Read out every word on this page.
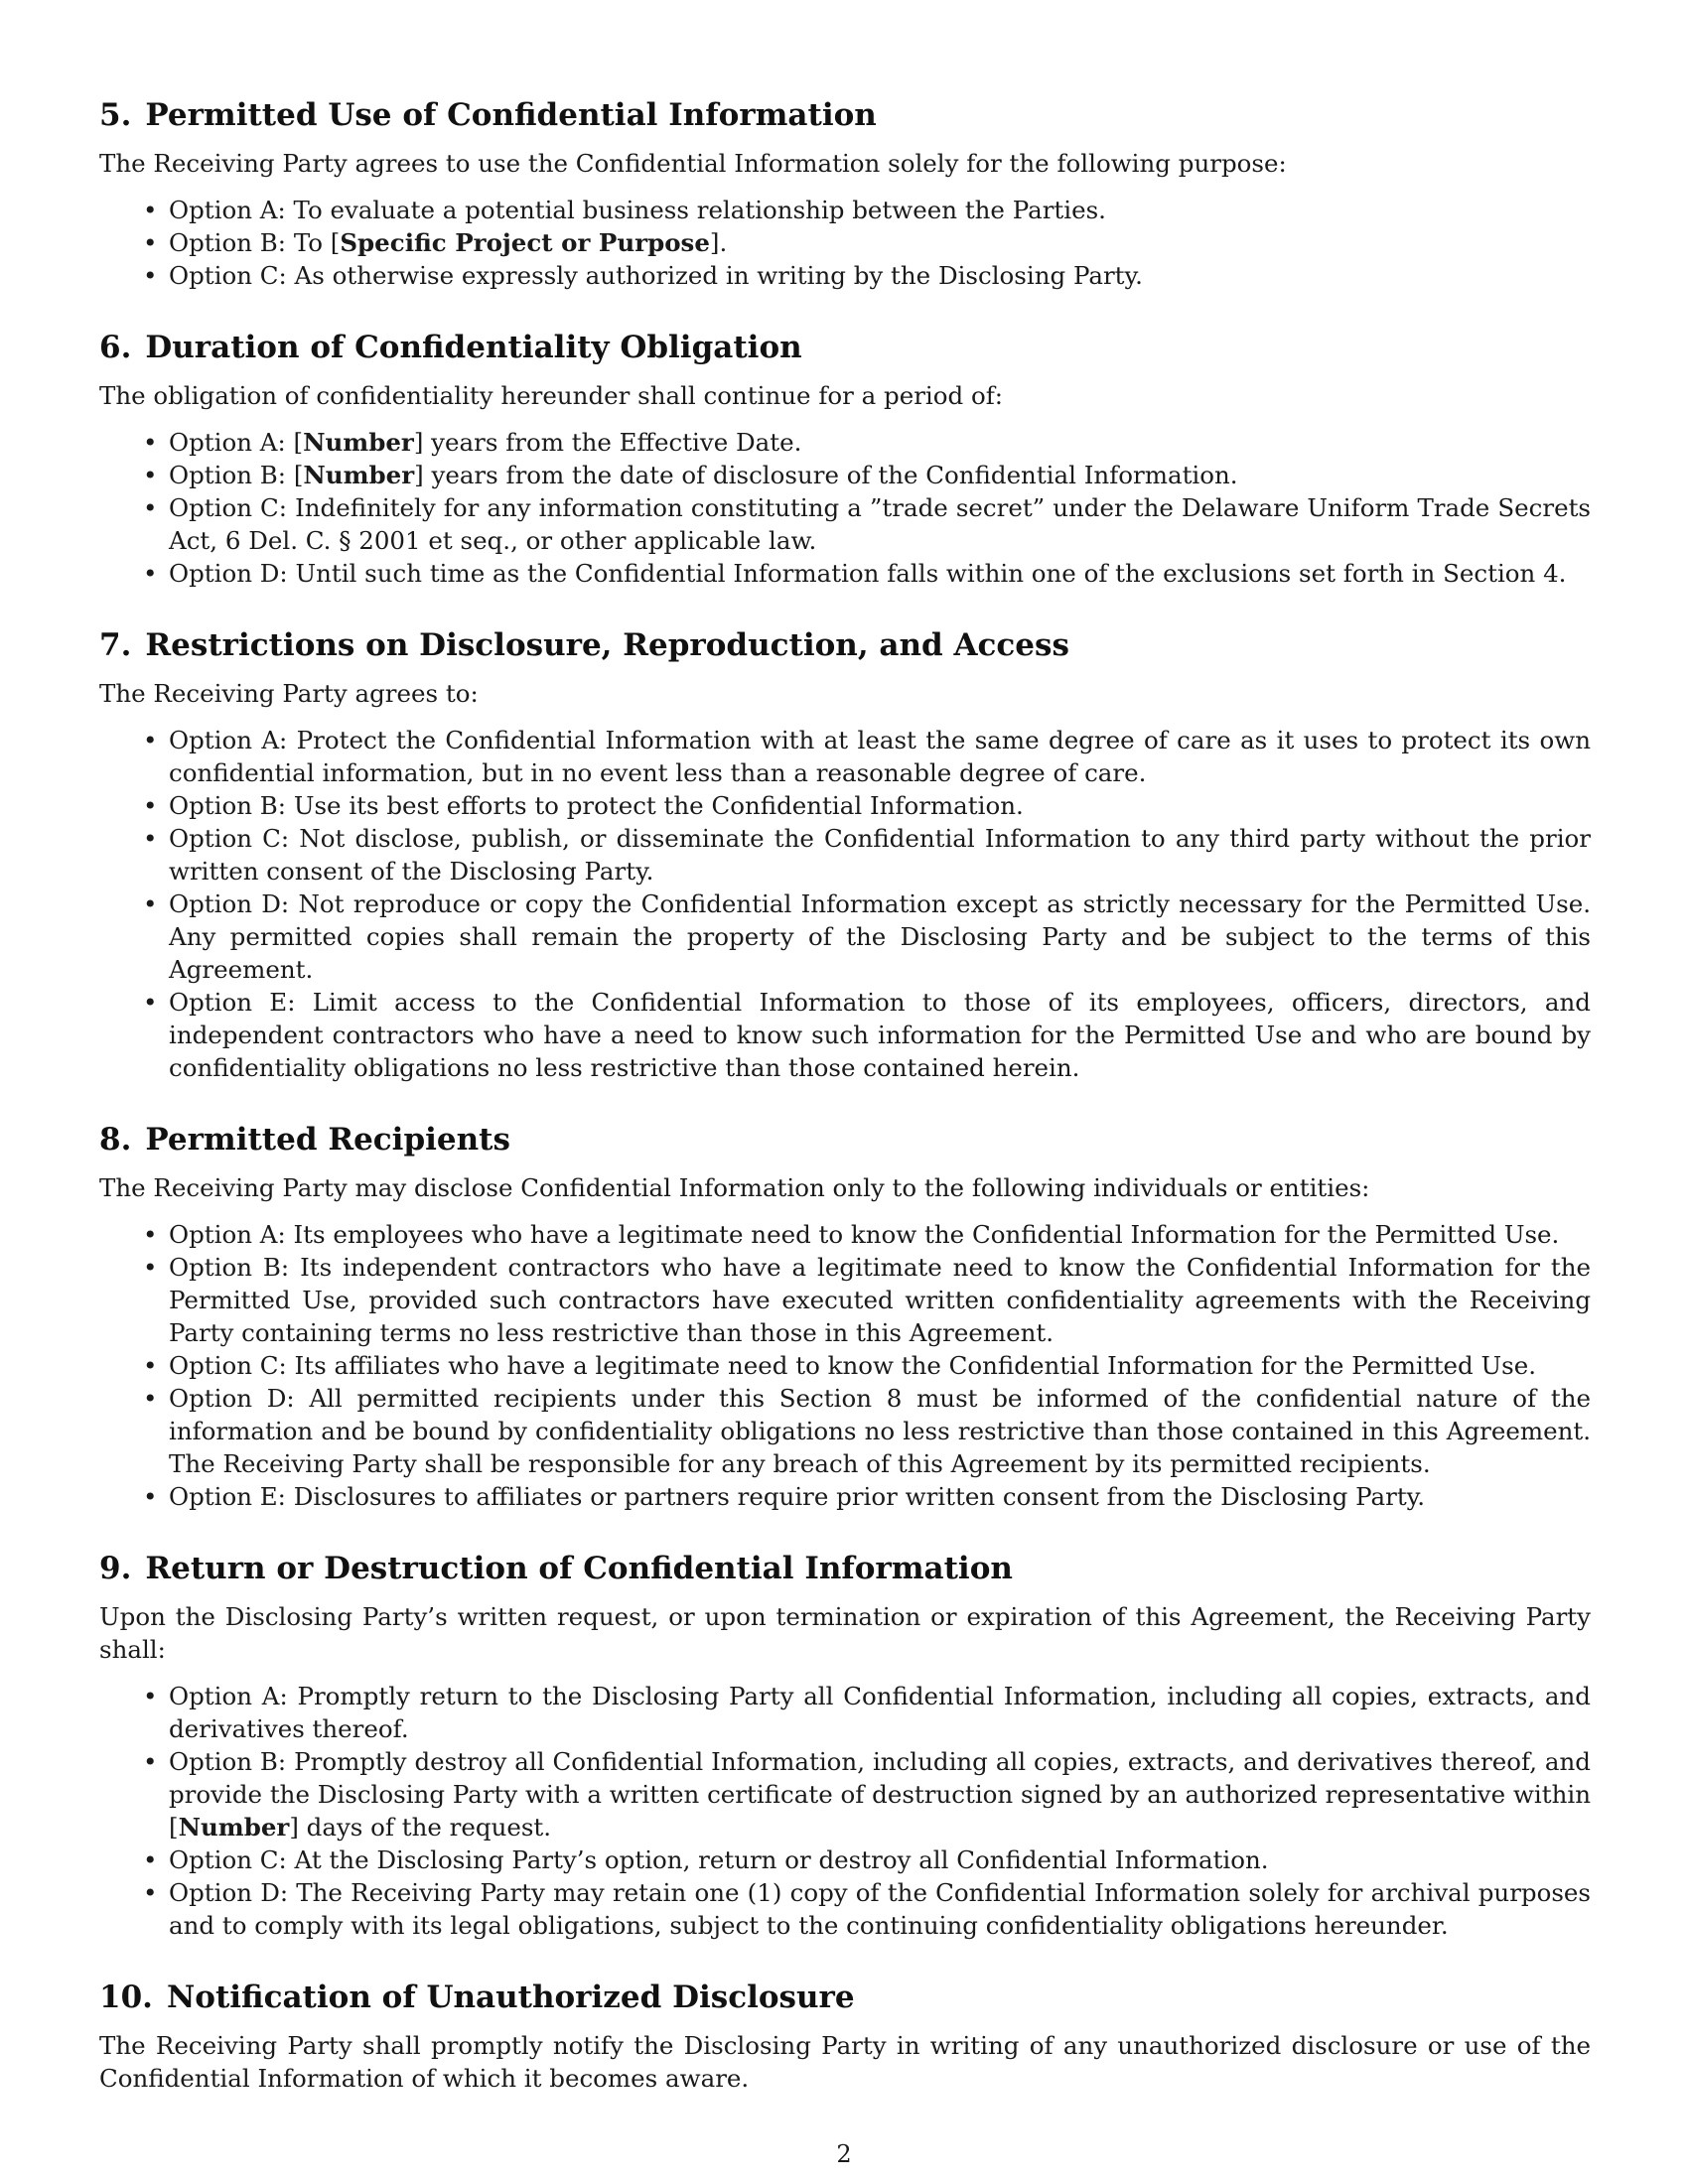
5. Permitted Use of Confidential Information

The Receiving Party agrees to use the Confidential Information solely for the following purpose:

• Option A: To evaluate a potential business relationship between the Parties.
• Option B: To [Specific Project or Purpose].
• Option C: As otherwise expressly authorized in writing by the Disclosing Party.
6. Duration of Confidentiality Obligation

The obligation of confidentiality hereunder shall continue for a period of:

• Option A: [Number] years from the Effective Date.
• Option B: [Number] years from the date of disclosure of the Confidential Information.
• Option C: Indefinitely for any information constituting a ”trade secret” under the Delaware Uniform Trade Secrets Act, 6 Del. C. § 2001 et seq., or other applicable law.
• Option D: Until such time as the Confidential Information falls within one of the exclusions set forth in Section 4.
7. Restrictions on Disclosure, Reproduction, and Access

The Receiving Party agrees to:

• Option A: Protect the Confidential Information with at least the same degree of care as it uses to protect its own confidential information, but in no event less than a reasonable degree of care.
• Option B: Use its best efforts to protect the Confidential Information.
• Option C: Not disclose, publish, or disseminate the Confidential Information to any third party without the prior written consent of the Disclosing Party.
• Option D: Not reproduce or copy the Confidential Information except as strictly necessary for the Permitted Use. Any permitted copies shall remain the property of the Disclosing Party and be subject to the terms of this Agreement.
• Option E: Limit access to the Confidential Information to those of its employees, officers, directors, and independent contractors who have a need to know such information for the Permitted Use and who are bound by confidentiality obligations no less restrictive than those contained herein.
8. Permitted Recipients

The Receiving Party may disclose Confidential Information only to the following individuals or entities:

• Option A: Its employees who have a legitimate need to know the Confidential Information for the Permitted Use.
• Option B: Its independent contractors who have a legitimate need to know the Confidential Information for the Permitted Use, provided such contractors have executed written confidentiality agreements with the Receiving Party containing terms no less restrictive than those in this Agreement.
• Option C: Its affiliates who have a legitimate need to know the Confidential Information for the Permitted Use.
• Option D: All permitted recipients under this Section 8 must be informed of the confidential nature of the information and be bound by confidentiality obligations no less restrictive than those contained in this Agreement. The Receiving Party shall be responsible for any breach of this Agreement by its permitted recipients.
• Option E: Disclosures to affiliates or partners require prior written consent from the Disclosing Party.
9. Return or Destruction of Confidential Information

Upon the Disclosing Party’s written request, or upon termination or expiration of this Agreement, the Receiving Party shall:

• Option A: Promptly return to the Disclosing Party all Confidential Information, including all copies, extracts, and derivatives thereof.
• Option B: Promptly destroy all Confidential Information, including all copies, extracts, and derivatives thereof, and provide the Disclosing Party with a written certificate of destruction signed by an authorized representative within [Number] days of the request.
• Option C: At the Disclosing Party’s option, return or destroy all Confidential Information.
• Option D: The Receiving Party may retain one (1) copy of the Confidential Information solely for archival purposes and to comply with its legal obligations, subject to the continuing confidentiality obligations hereunder.
10. Notification of Unauthorized Disclosure

The Receiving Party shall promptly notify the Disclosing Party in writing of any unauthorized disclosure or use of the Confidential Information of which it becomes aware.

2
